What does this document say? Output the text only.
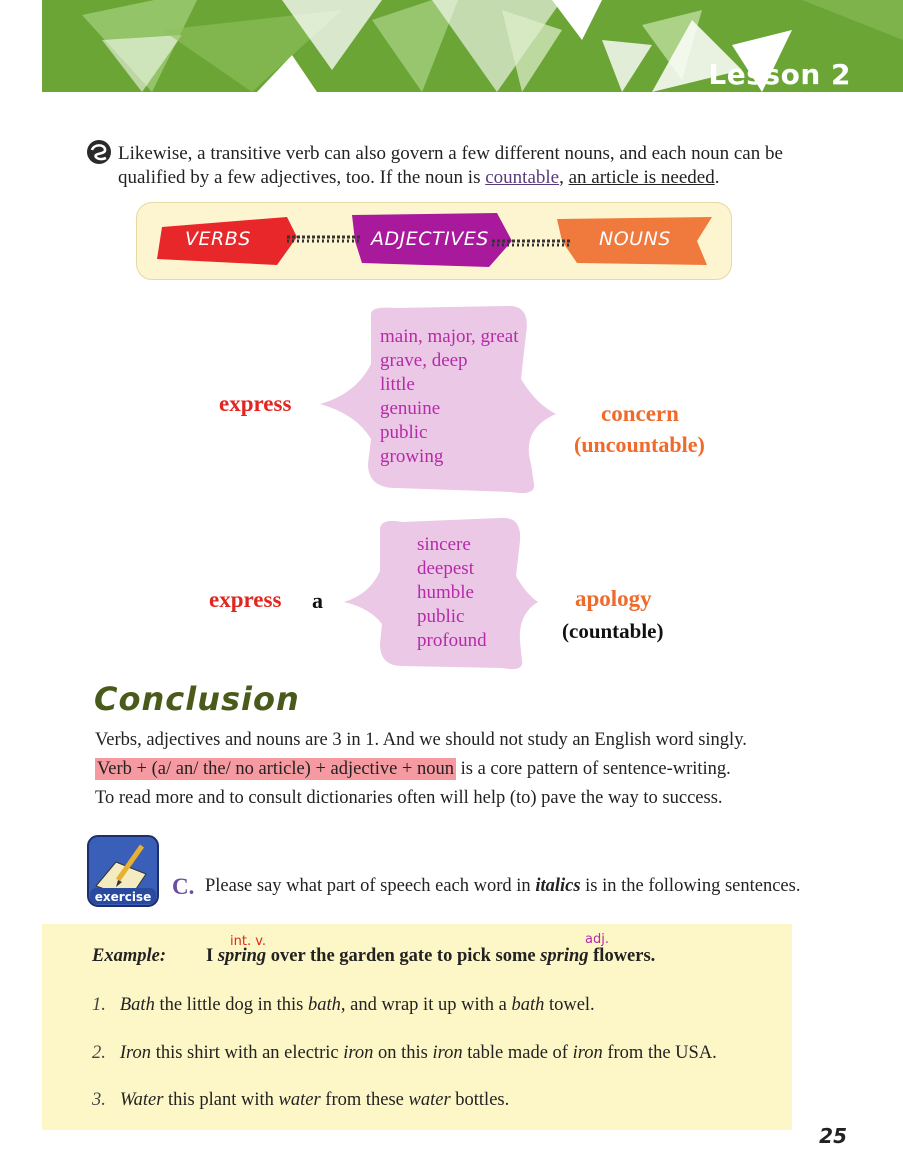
Lesson 2
Likewise, a transitive verb can also govern a few different nouns, and each noun can be qualified by a few adjectives, too. If the noun is countable, an article is needed.
VERBS	ADJECTIVES	NOUNS
express
main, major, great
grave, deep
little
genuine
public
growing
concern
(uncountable)
express a
sincere
deepest
humble
public
profound
apology
(countable)
Conclusion
Verbs, adjectives and nouns are 3 in 1. And we should not study an English word singly.
Verb + (a/ an/ the/ no article) + adjective + noun is a core pattern of sentence-writing.
To read more and to consult dictionaries often will help (to) pave the way to success.
exercise C. Please say what part of speech each word in italics is in the following sentences.
int. v.	adj.
Example: I spring over the garden gate to pick some spring flowers.
1. Bath the little dog in this bath, and wrap it up with a bath towel.
2. Iron this shirt with an electric iron on this iron table made of iron from the USA.
3. Water this plant with water from these water bottles.
25
